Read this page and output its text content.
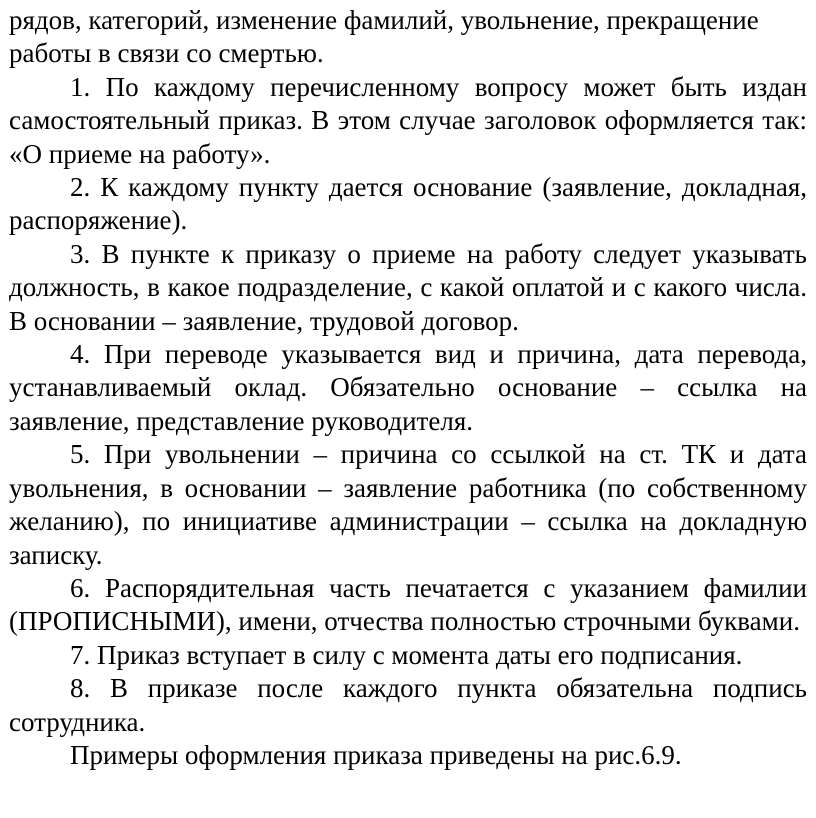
рядов, категорий, изменение фамилий, увольнение, прекращение работы в связи со смертью.

1. По каждому перечисленному вопросу может быть издан самостоятельный приказ. В этом случае заголовок оформляется так: «О приеме на работу».

2. К каждому пункту дается основание (заявление, докладная, распоряжение).

3. В пункте к приказу о приеме на работу следует указывать должность, в какое подразделение, с какой оплатой и с какого числа. В основании – заявление, трудовой договор.

4. При переводе указывается вид и причина, дата перевода, устанавливаемый оклад. Обязательно основание – ссылка на заявление, представление руководителя.

5. При увольнении – причина со ссылкой на ст. ТК и дата увольнения, в основании – заявление работника (по собственному желанию), по инициативе администрации – ссылка на докладную записку.

6. Распорядительная часть печатается с указанием фамилии (ПРОПИСНЫМИ), имени, отчества полностью строчными буквами.

7. Приказ вступает в силу с момента даты его подписания.

8. В приказе после каждого пункта обязательна подпись сотрудника.

Примеры оформления приказа приведены на рис.6.9.
